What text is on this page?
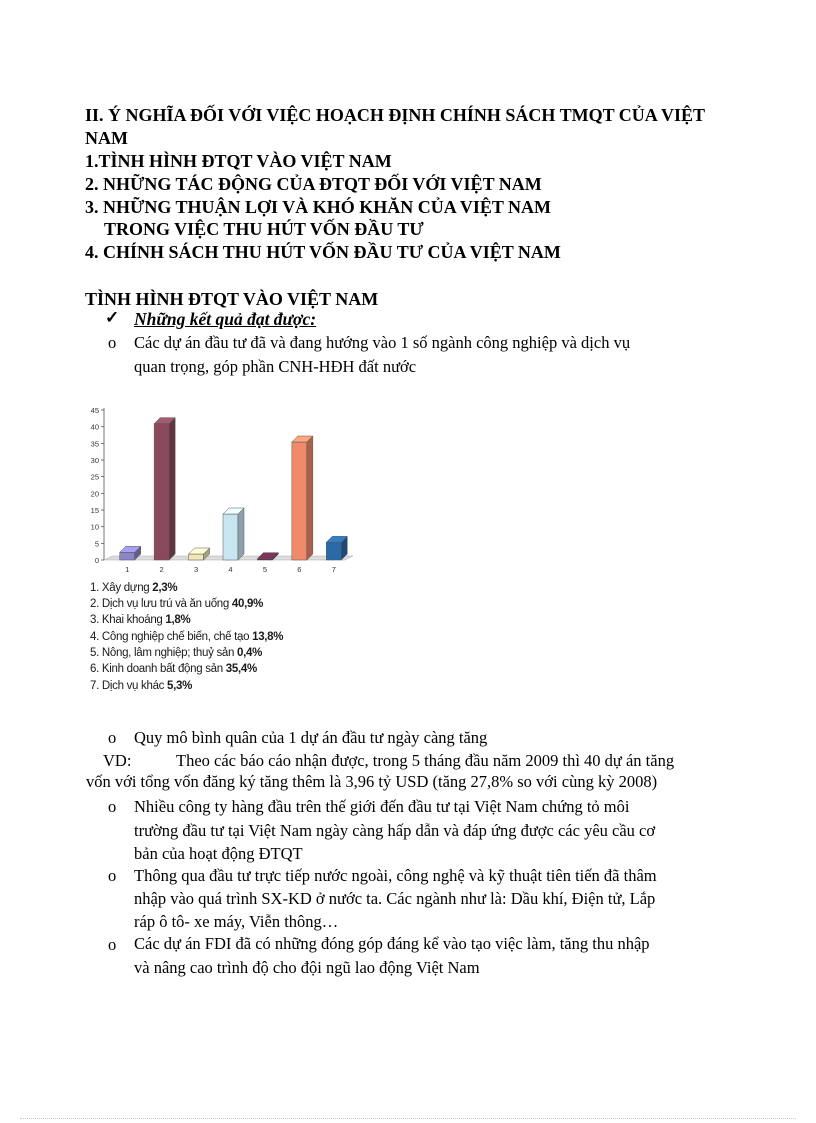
II. Ý NGHĨA ĐỐI VỚI VIỆC HOẠCH ĐỊNH CHÍNH SÁCH TMQT CỦA VIỆT
NAM
1.TÌNH HÌNH ĐTQT VÀO VIỆT NAM
2. NHỮNG TÁC ĐỘNG CỦA ĐTQT ĐỐI VỚI VIỆT NAM
3. NHỮNG THUẬN LỢI VÀ KHÓ KHĂN CỦA VIỆT NAM
TRONG VIỆC THU HÚT VỐN ĐẦU TƯ
4. CHÍNH SÁCH THU HÚT VỐN ĐẦU TƯ CỦA VIỆT NAM
TÌNH HÌNH ĐTQT VÀO VIỆT NAM
✓ Những kết quả đạt được:
o Các dự án đầu tư đã và đang hướng vào 1 số ngành công nghiệp và dịch vụ
quan trọng, góp phần CNH-HĐH đất nước
0
5
10
15
20
25
30
35
40
45
1	2	3	4	5	6	7
1. Xây dựng 2,3%
2. Dịch vụ lưu trú và ăn uống 40,9%
3. Khai khoáng 1,8%
4. Công nghiệp chế biến, chế tạo 13,8%
5. Nông, lâm nghiệp; thuỷ sản 0,4%
6. Kinh doanh bất động sản 35,4%
7. Dịch vụ khác 5,3%
o Quy mô bình quân của 1 dự án đầu tư ngày càng tăng
VD:	Theo các báo cáo nhận được, trong 5 tháng đầu năm 2009 thì 40 dự án tăng
vốn với tổng vốn đăng ký tăng thêm là 3,96 tỷ USD (tăng 27,8% so với cùng kỳ 2008)
o Nhiều công ty hàng đầu trên thế giới đến đầu tư tại Việt Nam chứng tỏ môi
trường đầu tư tại Việt Nam ngày càng hấp dẫn và đáp ứng được các yêu cầu cơ
bản của hoạt động ĐTQT
o Thông qua đầu tư trực tiếp nước ngoài, công nghệ và kỹ thuật tiên tiến đã thâm
nhập vào quá trình SX-KD ở nước ta. Các ngành như là: Dầu khí, Điện tử, Lắp
ráp ô tô- xe máy, Viễn thông…
o Các dự án FDI đã có những đóng góp đáng kể vào tạo việc làm, tăng thu nhập
và nâng cao trình độ cho đội ngũ lao động Việt Nam
